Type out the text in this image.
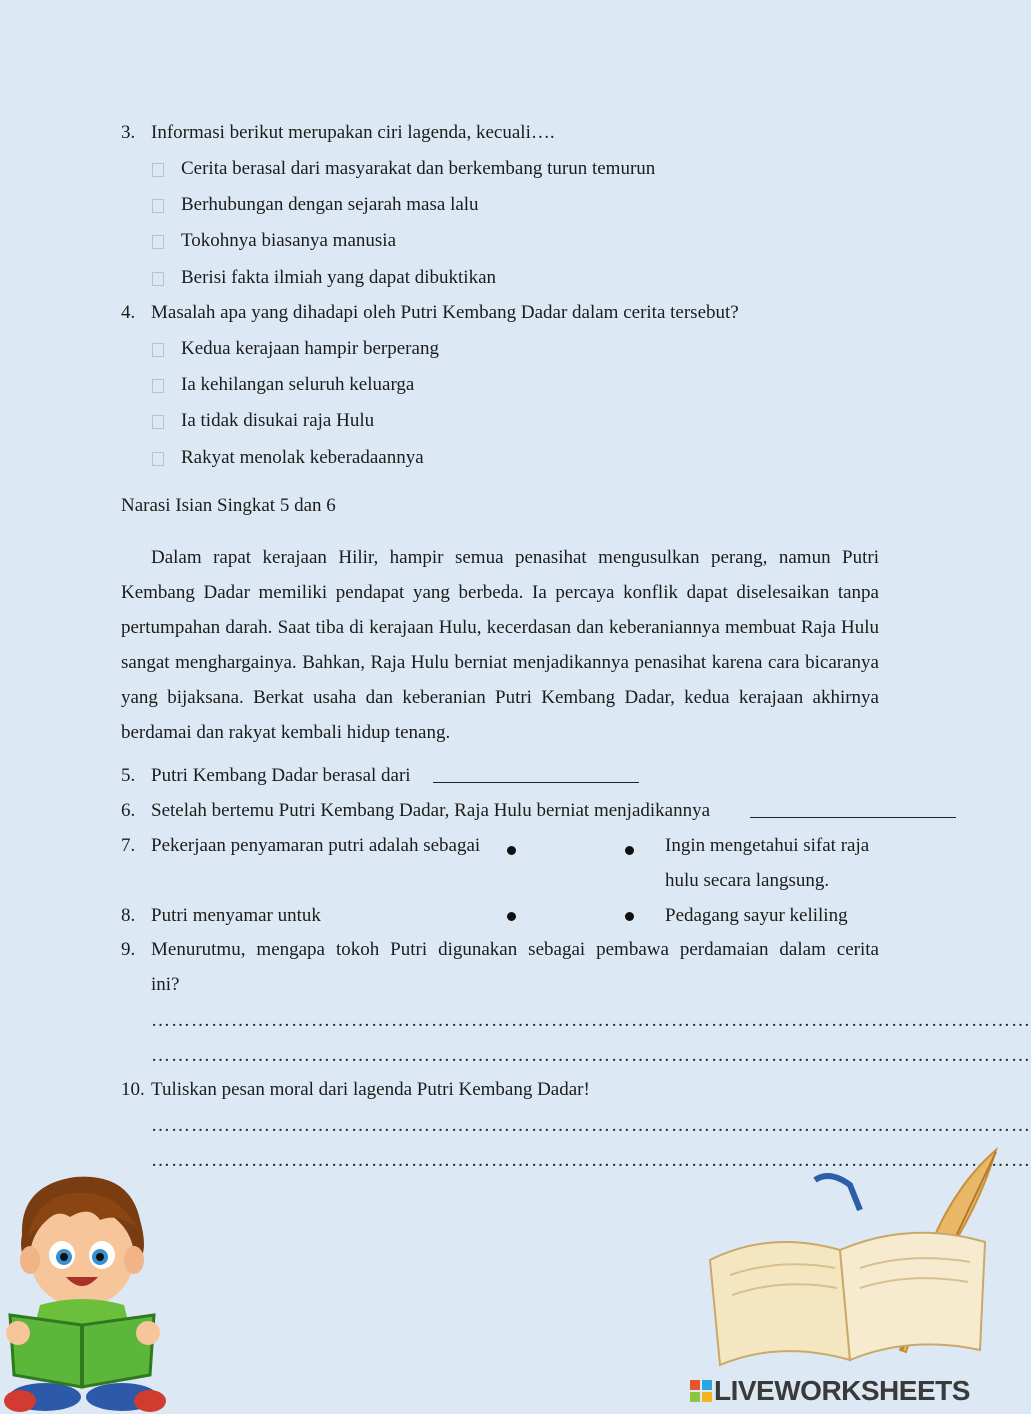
3. Informasi berikut merupakan ciri lagenda, kecuali….
Cerita berasal dari masyarakat dan berkembang turun temurun
Berhubungan dengan sejarah masa lalu
Tokohnya biasanya manusia
Berisi fakta ilmiah yang dapat dibuktikan
4. Masalah apa yang dihadapi oleh Putri Kembang Dadar dalam cerita tersebut?
Kedua kerajaan hampir berperang
Ia kehilangan seluruh keluarga
Ia tidak disukai raja Hulu
Rakyat menolak keberadaannya
Narasi Isian Singkat 5 dan 6
Dalam rapat kerajaan Hilir, hampir semua penasihat mengusulkan perang, namun Putri Kembang Dadar memiliki pendapat yang berbeda. Ia percaya konflik dapat diselesaikan tanpa pertumpahan darah. Saat tiba di kerajaan Hulu, kecerdasan dan keberaniannya membuat Raja Hulu sangat menghargainya. Bahkan, Raja Hulu berniat menjadikannya penasihat karena cara bicaranya yang bijaksana. Berkat usaha dan keberanian Putri Kembang Dadar, kedua kerajaan akhirnya berdamai dan rakyat kembali hidup tenang.
5. Putri Kembang Dadar berasal dari
6. Setelah bertemu Putri Kembang Dadar, Raja Hulu berniat menjadikannya
7. Pekerjaan penyamaran putri adalah sebagai	Ingin mengetahui sifat raja
hulu secara langsung.
8. Putri menyamar untuk	Pedagang sayur keliling
9. Menurutmu, mengapa tokoh Putri digunakan sebagai pembawa perdamaian dalam cerita
ini?
……………………………………………………………………………………………………………………
……………………………………………………………………………………………………………………
10. Tuliskan pesan moral dari lagenda Putri Kembang Dadar!
……………………………………………………………………………………………………………………
……………………………………………………………………………………………………………………
LIVEWORKSHEETS
